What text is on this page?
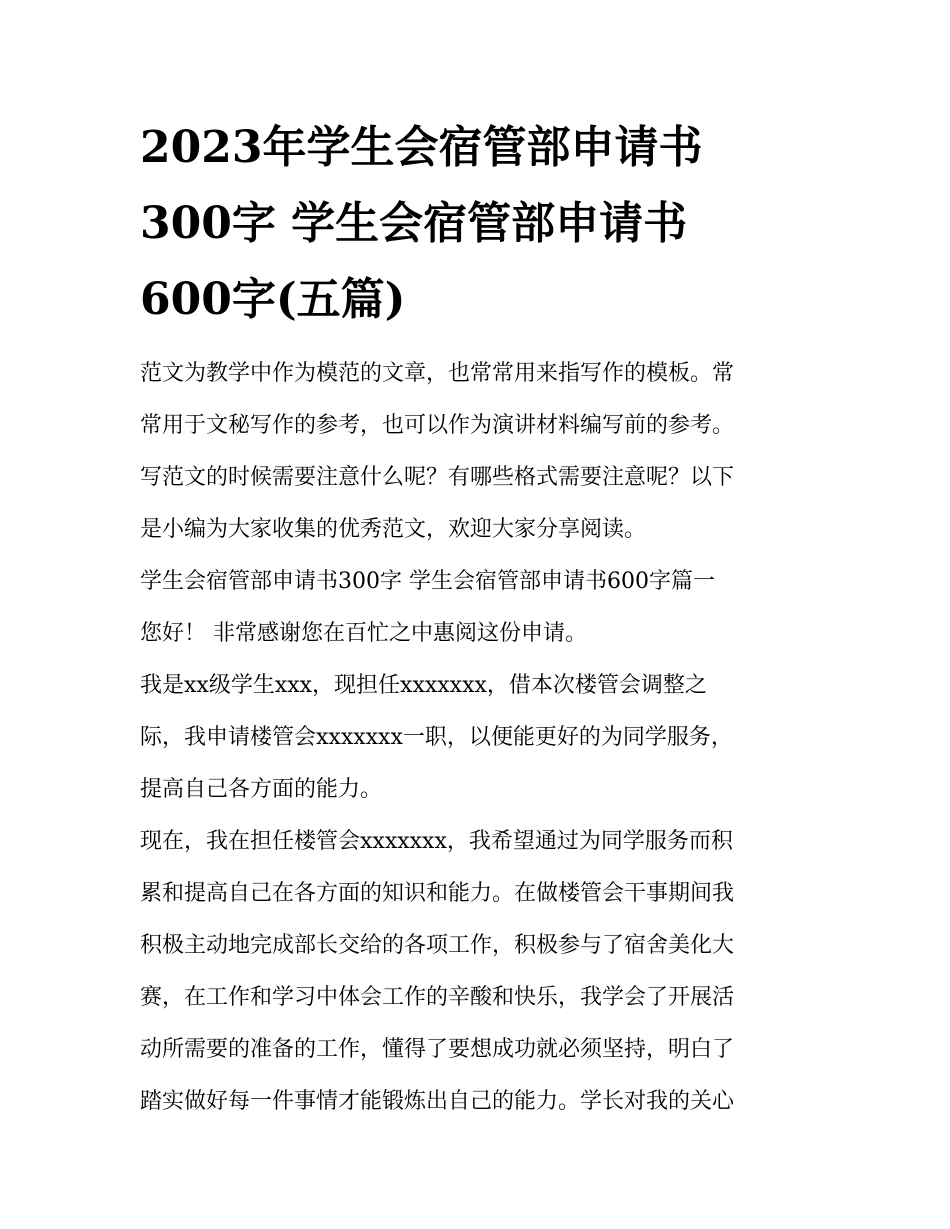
2023年学生会宿管部申请书
300字 学生会宿管部申请书
600字(五篇)
范文为教学中作为模范的文章，也常常用来指写作的模板。常
常用于文秘写作的参考，也可以作为演讲材料编写前的参考。
写范文的时候需要注意什么呢？有哪些格式需要注意呢？以下
是小编为大家收集的优秀范文，欢迎大家分享阅读。
学生会宿管部申请书300字 学生会宿管部申请书600字篇一
您好！ 非常感谢您在百忙之中惠阅这份申请。
我是xx级学生xxx，现担任xxxxxxx，借本次楼管会调整之
际，我申请楼管会xxxxxxx一职，以便能更好的为同学服务，
提高自己各方面的能力。
现在，我在担任楼管会xxxxxxx，我希望通过为同学服务而积
累和提高自己在各方面的知识和能力。在做楼管会干事期间我
积极主动地完成部长交给的各项工作，积极参与了宿舍美化大
赛，在工作和学习中体会工作的辛酸和快乐，我学会了开展活
动所需要的准备的工作，懂得了要想成功就必须坚持，明白了
踏实做好每一件事情才能锻炼出自己的能力。学长对我的关心
